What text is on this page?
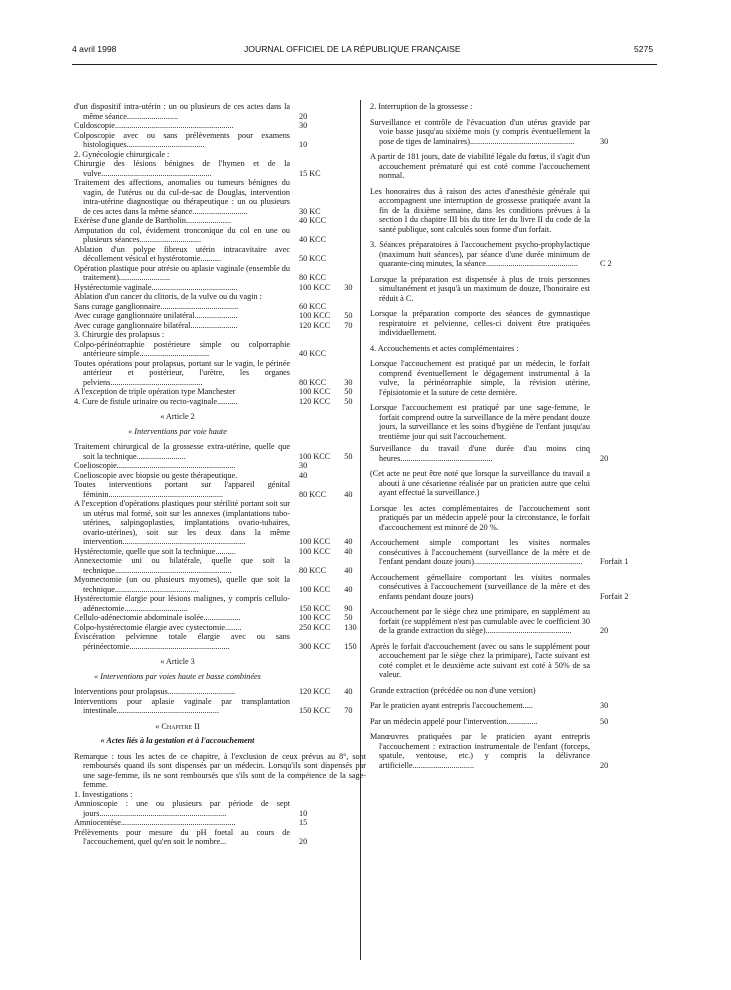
4 avril 1998	JOURNAL OFFICIEL DE LA RÉPUBLIQUE FRANÇAISE	5275
d'un dispositif intra-utérin : un ou plusieurs de ces actes dans la même séance.........................	20
Culdoscopie..........................................................	30
Colposcopie avec ou sans prélèvements pour examens histologiques......................................	10
2. Gynécologie chirurgicale :
Chirurgie des lésions bénignes de l'hymen et de la vulve......................................................	15 KC
Traitement des affections, anomalies ou tumeurs bénignes du vagin, de l'utérus ou du cul-de-sac de Douglas, intervention intra-utérine diagnostique ou thérapeutique : un ou plusieurs de ces actes dans la même séance...........................	30 KC
Exérèse d'une glande de Bartholin......................	40 KCC
Amputation du col, évidement tronconique du col en une ou plusieurs séances..............................	40 KCC
Ablation d'un polype fibreux utérin intracavitaire avec décollement vésical et hystérotomie..........	50 KCC
Opération plastique pour atrésie ou aplasie vaginale (ensemble du traitement).........................	80 KCC
Hystérectomie vaginale..........................................	100 KCC	30
Ablation d'un cancer du clitoris, de la vulve ou du vagin :
Sans curage ganglionnaire......................................	60 KCC
Avec curage ganglionnaire unilatéral.....................	100 KCC	50
Avec curage ganglionnaire bilatéral.......................	120 KCC	70
3. Chirurgie des prolapsus :
Colpo-périnéorraphie postérieure simple ou colporraphie antérieure simple..................................	40 KCC
Toutes opérations pour prolapsus, portant sur le vagin, le périnée antérieur et postérieur, l'urètre, les organes pelviens.............................................	80 KCC	30
A l'exception de triple opération type Manchester	100 KCC	50
4. Cure de fistule urinaire ou recto-vaginale..........	120 KCC	50
« Article 2
« Interventions par voie haute
Traitement chirurgical de la grossesse extra-utérine, quelle que soit la technique........................	100 KCC	50
Coelioscopie..........................................................	30
Coelioscopie avec biopsie ou geste thérapeutique.	40
Toutes interventions portant sur l'appareil génital féminin........................................................	80 KCC	40
A l'exception d'opérations plastiques pour stérilité portant soit sur un utérus mal formé, soit sur les annexes (implantations tubo-utérines, salpingoplasties, implantations ovario-tubaires, ovario-utérines), soit sur les deux dans la même intervention............................................................	100 KCC	40
Hystérectomie, quelle que soit la technique..........	100 KCC	40
Annexectomie uni ou bilatérale, quelle que soit la technique.........................................................	80 KCC	40
Myomectomie (un ou plusieurs myomes), quelle que soit la technique.........................................	100 KCC	40
Hystérectomie élargie pour lésions malignes, y compris cellulo-adénectomie...............................	150 KCC	90
Cellulo-adénectomie abdominale isolée..................	100 KCC	50
Colpo-hystérectomie élargie avec cystectomie........	250 KCC	130
Éviscération pelvienne totale élargie avec ou sans périnéectomie.................................................	300 KCC	150
« Article 3
« Interventions par voies haute et basse combinées
Interventions pour prolapsus.................................	120 KCC	40
Interventions pour aplasie vaginale par transplantation intestinale..................................................	150 KCC	70
« Chapitre II
« Actes liés à la gestation et à l'accouchement
Remarque : tous les actes de ce chapitre, à l'exclusion de ceux prévus au 8°, sont remboursés quand ils sont dispensés par un médecin. Lorsqu'ils sont dispensés par une sage-femme, ils ne sont remboursés que s'ils sont de la compétence de la sage-femme.
1. Investigations :
Amnioscopie : une ou plusieurs par période de sept jours..............................................................	10
Amniocentèse........................................................	15
Prélèvements pour mesure du pH foetal au cours de l'accouchement, quel qu'en soit le nombre...	20
2. Interruption de la grossesse :
Surveillance et contrôle de l'évacuation d'un utérus gravide par voie basse jusqu'au sixième mois (y compris éventuellement la pose de tiges de laminaires)...................................................	30
A partir de 181 jours, date de viabilité légale du fœtus, il s'agit d'un accouchement prématuré qui est coté comme l'accouchement normal.
Les honoraires dus à raison des actes d'anesthésie générale qui accompagnent une interruption de grossesse pratiquée avant la fin de la dixième semaine, dans les conditions prévues à la section I du chapitre III bis du titre Ier du livre II du code de la santé publique, sont calculés sous forme d'un forfait.
3. Séances préparatoires à l'accouchement psycho-prophylactique (maximum huit séances), par séance d'une durée minimum de quarante-cinq minutes, la séance.............................................	C 2
Lorsque la préparation est dispensée à plus de trois personnes simultanément et jusqu'à un maximum de douze, l'honoraire est réduit à C.
Lorsque la préparation comporte des séances de gymnastique respiratoire et pelvienne, celles-ci doivent être pratiquées individuellement.
4. Accouchements et actes complémentaires :
Lorsque l'accouchement est pratiqué par un médecin, le forfait comprend éventuellement le dégagement instrumental à la vulve, la périnéorraphie simple, la révision utérine, l'épisiotomie et la suture de cette dernière.
Lorsque l'accouchement est pratiqué par une sage-femme, le forfait comprend outre la surveillance de la mère pendant douze jours, la surveillance et les soins d'hygiène de l'enfant jusqu'au trentième jour qui suit l'accouchement.
Surveillance du travail d'une durée d'au moins cinq heures.............................................	20
(Cet acte ne peut être noté que lorsque la surveillance du travail a abouti à une césarienne réalisée par un praticien autre que celui ayant effectué la surveillance.)
Lorsque les actes complémentaires de l'accouchement sont pratiqués par un médecin appelé pour la circonstance, le forfait d'accouchement est minoré de 20 %.
Accouchement simple comportant les visites normales consécutives à l'accouchement (surveillance de la mère et de l'enfant pendant douze jours).....................................................	Forfait 1
Accouchement gémellaire comportant les visites normales consécutives à l'accouchement (surveillance de la mère et des enfants pendant douze jours)	Forfait 2
Accouchement par le siège chez une primipare, en supplément au forfait (ce supplément n'est pas cumulable avec le coefficient 30 de la grande extraction du siège)..........................................	20
Après le forfait d'accouchement (avec ou sans le supplément pour accouchement par le siège chez la primipare), l'acte suivant est coté complet et le deuxième acte suivant est coté à 50% de sa valeur.
Grande extraction (précédée ou non d'une version)
Par le praticien ayant entrepris l'accouchement.....	30
Par un médecin appelé pour l'intervention...............	50
Manœuvres pratiquées par le praticien ayant entrepris l'accouchement : extraction instrumentale de l'enfant (forceps, spatule, ventouse, etc.) y compris la délivrance artificielle..............................	20
